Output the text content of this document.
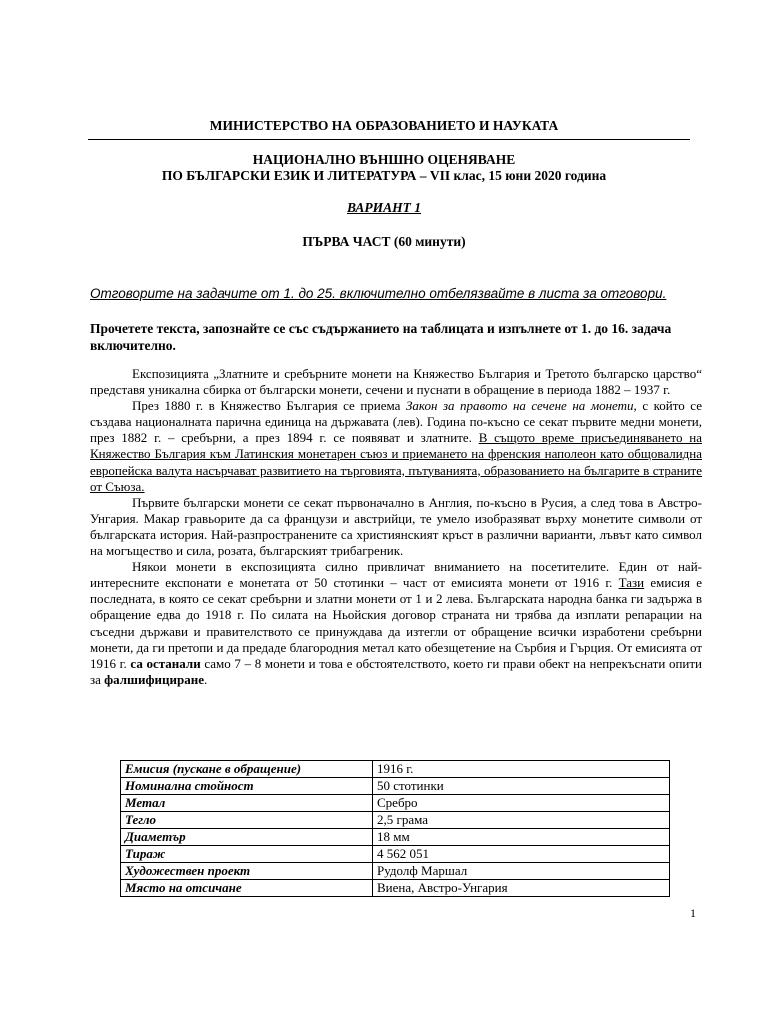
МИНИСТЕРСТВО НА ОБРАЗОВАНИЕТО И НАУКАТА
НАЦИОНАЛНО ВЪНШНО ОЦЕНЯВАНЕ
ПО БЪЛГАРСКИ ЕЗИК И ЛИТЕРАТУРА – VII клас, 15 юни 2020 година
ВАРИАНТ 1
ПЪРВА ЧАСТ (60 минути)
Отговорите на задачите от 1. до 25. включително отбелязвайте в листа за отговори.
Прочетете текста, запознайте се със съдържанието на таблицата и изпълнете от 1. до 16. задача включително.

Експозицията „Златните и сребърните монети на Княжество България и Третото българско царство“ представя уникална сбирка от български монети, сечени и пуснати в обращение в периода 1882 – 1937 г.

През 1880 г. в Княжество България се приема Закон за правото на сечене на монети, с който се създава националната парична единица на държавата (лев). Година по-късно се секат първите медни монети, през 1882 г. – сребърни, а през 1894 г. се появяват и златните. В същото време присъединяването на Княжество България към Латинския монетарен съюз и приемането на френския наполеон като общовалидна европейска валута насърчават развитието на търговията, пътуванията, образованието на българите в страните от Съюза.

Първите български монети се секат първоначално в Англия, по-късно в Русия, а след това в Австро-Унгария. Макар гравьорите да са французи и австрийци, те умело изобразяват върху монетите символи от българската история. Най-разпространените са християнският кръст в различни варианти, лъвът като символ на могъщество и сила, розата, българският трибагреник.

Някои монети в експозицията силно привличат вниманието на посетителите. Един от най-интересните експонати е монетата от 50 стотинки – част от емисията монети от 1916 г. Тази емисия е последната, в която се секат сребърни и златни монети от 1 и 2 лева. Българската народна банка ги задържа в обращение едва до 1918 г. По силата на Ньойския договор страната ни трябва да изплати репарации на съседни държави и правителството се принуждава да изтегли от обращение всички изработени сребърни монети, да ги претопи и да предаде благородния метал като обезщетение на Сърбия и Гърция. От емисията от 1916 г. са останали само 7 – 8 монети и това е обстоятелството, което ги прави обект на непрекъснати опити за фалшифициране.

Емисия (пускане в обращение)	1916 г.
Номинална стойност	50 стотинки
Метал	Сребро
Тегло	2,5 грама
Диаметър	18 мм
Тираж	4 562 051
Художествен проект	Рудолф Маршал
Място на отсичане	Виена, Австро-Унгария
1
